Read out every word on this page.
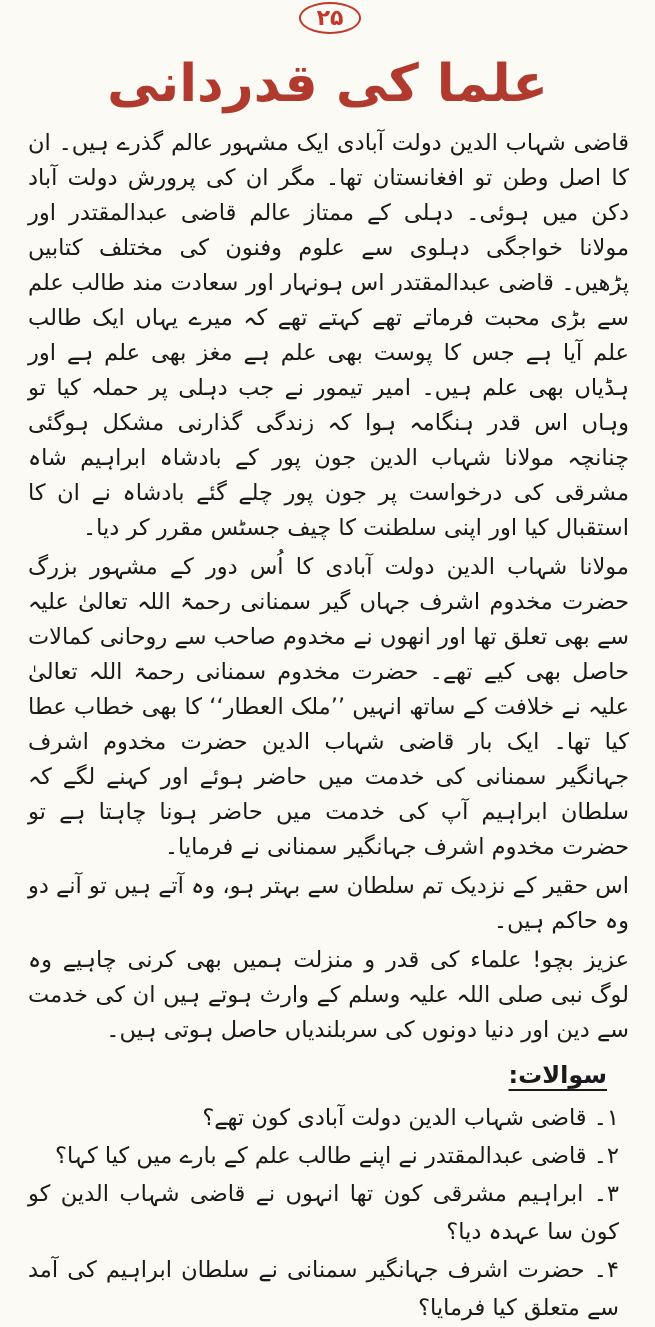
۲۵
علما کی قدردانی

قاضی شہاب الدین دولت آبادی ایک مشہور عالم گذرے ہیں۔ ان کا اصل وطن تو افغانستان تھا۔ مگر ان کی پرورش دولت آباد دکن میں ہوئی۔ دہلی کے ممتاز عالم قاضی عبدالمقتدر اور مولانا خواجگی دہلوی سے علوم وفنون کی مختلف کتابیں پڑھیں۔ قاضی عبدالمقتدر اس ہونہار اور سعادت مند طالب علم سے بڑی محبت فرماتے تھے کہتے تھے کہ میرے یہاں ایک طالب علم آیا ہے جس کا پوست بھی علم ہے مغز بھی علم ہے اور ہڈیاں بھی علم ہیں۔ امیر تیمور نے جب دہلی پر حملہ کیا تو وہاں اس قدر ہنگامہ ہوا کہ زندگی گذارنی مشکل ہوگئی چنانچہ مولانا شہاب الدین جون پور کے بادشاہ ابراہیم شاہ مشرقی کی درخواست پر جون پور چلے گئے بادشاہ نے ان کا استقبال کیا اور اپنی سلطنت کا چیف جسٹس مقرر کر دیا۔

مولانا شہاب الدین دولت آبادی کا اُس دور کے مشہور بزرگ حضرت مخدوم اشرف جہاں گیر سمنانی رحمۃ اللہ تعالیٰ علیہ سے بھی تعلق تھا اور انھوں نے مخدوم صاحب سے روحانی کمالات حاصل بھی کیے تھے۔ حضرت مخدوم سمنانی رحمۃ اللہ تعالیٰ علیہ نے خلافت کے ساتھ انہیں ’’ملک العطار‘‘ کا بھی خطاب عطا کیا تھا۔ ایک بار قاضی شہاب الدین حضرت مخدوم اشرف جہانگیر سمنانی کی خدمت میں حاضر ہوئے اور کہنے لگے کہ سلطان ابراہیم آپ کی خدمت میں حاضر ہونا چاہتا ہے تو حضرت مخدوم اشرف جہانگیر سمنانی نے فرمایا۔

اس حقیر کے نزدیک تم سلطان سے بہتر ہو، وہ آتے ہیں تو آنے دو وہ حاکم ہیں۔

عزیز بچو! علماء کی قدر و منزلت ہمیں بھی کرنی چاہیے وہ لوگ نبی صلی اللہ علیہ وسلم کے وارث ہوتے ہیں ان کی خدمت سے دین اور دنیا دونوں کی سربلندیاں حاصل ہوتی ہیں۔

سوالات:
۱۔ قاضی شہاب الدین دولت آبادی کون تھے؟
۲۔ قاضی عبدالمقتدر نے اپنے طالب علم کے بارے میں کیا کہا؟
۳۔ ابراہیم مشرقی کون تھا انہوں نے قاضی شہاب الدین کو کون سا عہدہ دیا؟
۴۔ حضرت اشرف جہانگیر سمنانی نے سلطان ابراہیم کی آمد سے متعلق کیا فرمایا؟
